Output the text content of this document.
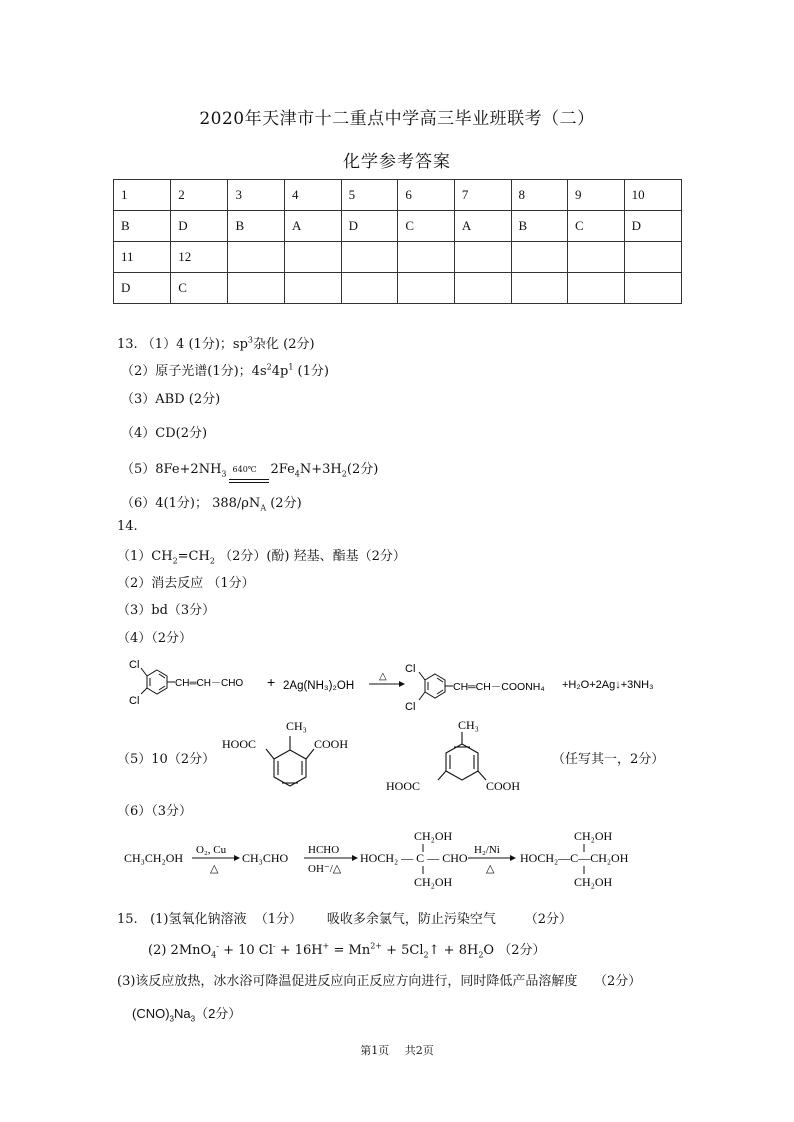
2020年天津市十二重点中学高三毕业班联考（二）
化学参考答案
1	2	3	4	5	6	7	8	9	10
B	D	B	A	D	C	A	B	C	D
11	12								
D	C								
13. （1）4 (1分)；$sp^3$杂化 (2分)
（2）原子光谱(1分)；$4s^24p^1$ (1分)
（3）ABD (2分)
（4）CD(2分)
$(5)8Fe+2NH_3$
640℃ $2Fe_4N+3H_2(2$分)
（6）4(1分)； $388/\rho N_A$ (2分)
14.
$(1)CH_2=CH_2$ （2分）(酚) 羟基、酯基（2分）
（2）消去反应 （1分）
（3）bd（3分）
（4）（2分）
Cl
Cl
CH═CH－CHO + 2Ag(NH₃)₂OH
△
Cl
Cl
CH═CH－COONH₄ +H₂O+2Ag↓+3NH₃
（5）10（2分）
CH₃
HOOC	COOH
CH₃
HOOC	COOH
（任写其一，2分）
（6）（3分）
CH₃CH₂OH
O₂, Cu
△
CH₃CHO
HCHO
OH⁻/△
CH₂OH
HOCH₂ — C — CHO
CH₂OH
H₂/Ni
△
CH₂OH
HOCH₂—C—CH₂OH
CH₂OH
15.   (1)氢氧化钠溶液  （1分）      吸收多余氯气，防止污染空气       （2分）
(2) 2MnO$_4$- + 10 $Cl^- + 16H^+ = Mn^{2+}$ + $5Cl_2↑ + 8H_2O$ （2分）
(3)该反应放热，冰水浴可降温促进反应向正反应方向进行，同时降低产品溶解度    （2分）
$(CNO)_3Na_3(2$分）
第1页 共2页
